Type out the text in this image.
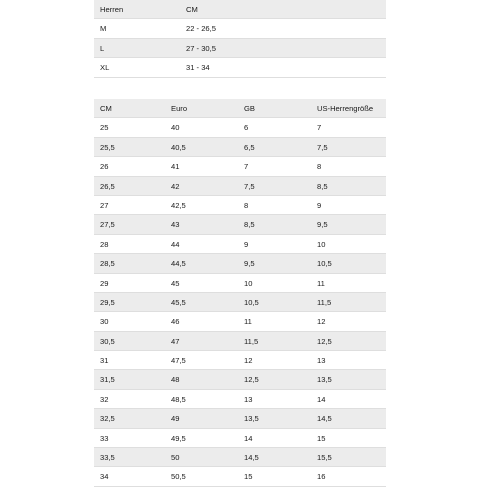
Herren	CM
M	22 - 26,5
L	27 - 30,5
XL	31 - 34
CM	Euro	GB	US-Herrengröße
25	40	6	7
25,5	40,5	6,5	7,5
26	41	7	8
26,5	42	7,5	8,5
27	42,5	8	9
27,5	43	8,5	9,5
28	44	9	10
28,5	44,5	9,5	10,5
29	45	10	11
29,5	45,5	10,5	11,5
30	46	11	12
30,5	47	11,5	12,5
31	47,5	12	13
31,5	48	12,5	13,5
32	48,5	13	14
32,5	49	13,5	14,5
33	49,5	14	15
33,5	50	14,5	15,5
34	50,5	15	16
